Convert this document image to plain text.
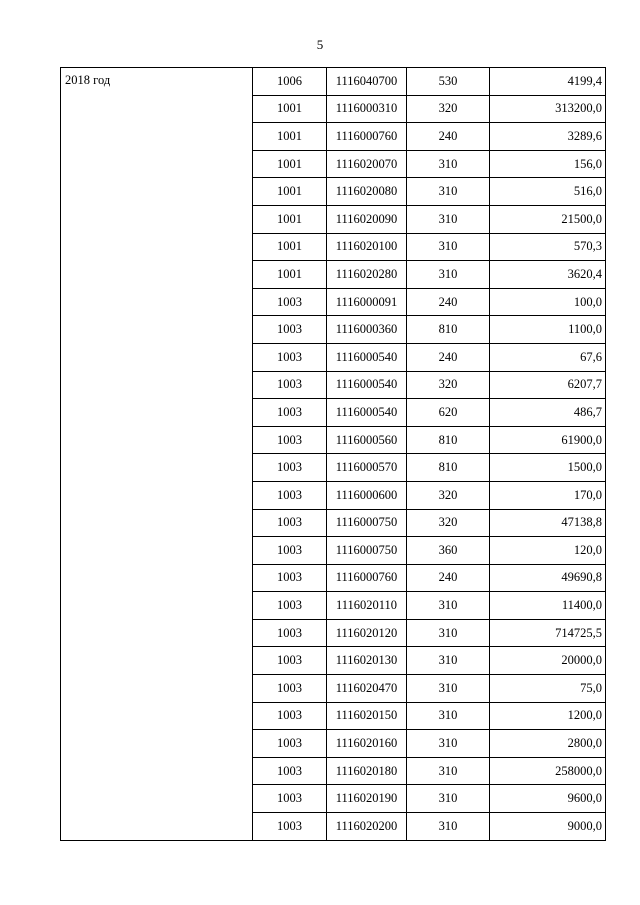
5
2018 год	1006	1116040700	530	4199,4
	1001	1116000310	320	313200,0
	1001	1116000760	240	3289,6
	1001	1116020070	310	156,0
	1001	1116020080	310	516,0
	1001	1116020090	310	21500,0
	1001	1116020100	310	570,3
	1001	1116020280	310	3620,4
	1003	1116000091	240	100,0
	1003	1116000360	810	1100,0
	1003	1116000540	240	67,6
	1003	1116000540	320	6207,7
	1003	1116000540	620	486,7
	1003	1116000560	810	61900,0
	1003	1116000570	810	1500,0
	1003	1116000600	320	170,0
	1003	1116000750	320	47138,8
	1003	1116000750	360	120,0
	1003	1116000760	240	49690,8
	1003	1116020110	310	11400,0
	1003	1116020120	310	714725,5
	1003	1116020130	310	20000,0
	1003	1116020470	310	75,0
	1003	1116020150	310	1200,0
	1003	1116020160	310	2800,0
	1003	1116020180	310	258000,0
	1003	1116020190	310	9600,0
	1003	1116020200	310	9000,0
